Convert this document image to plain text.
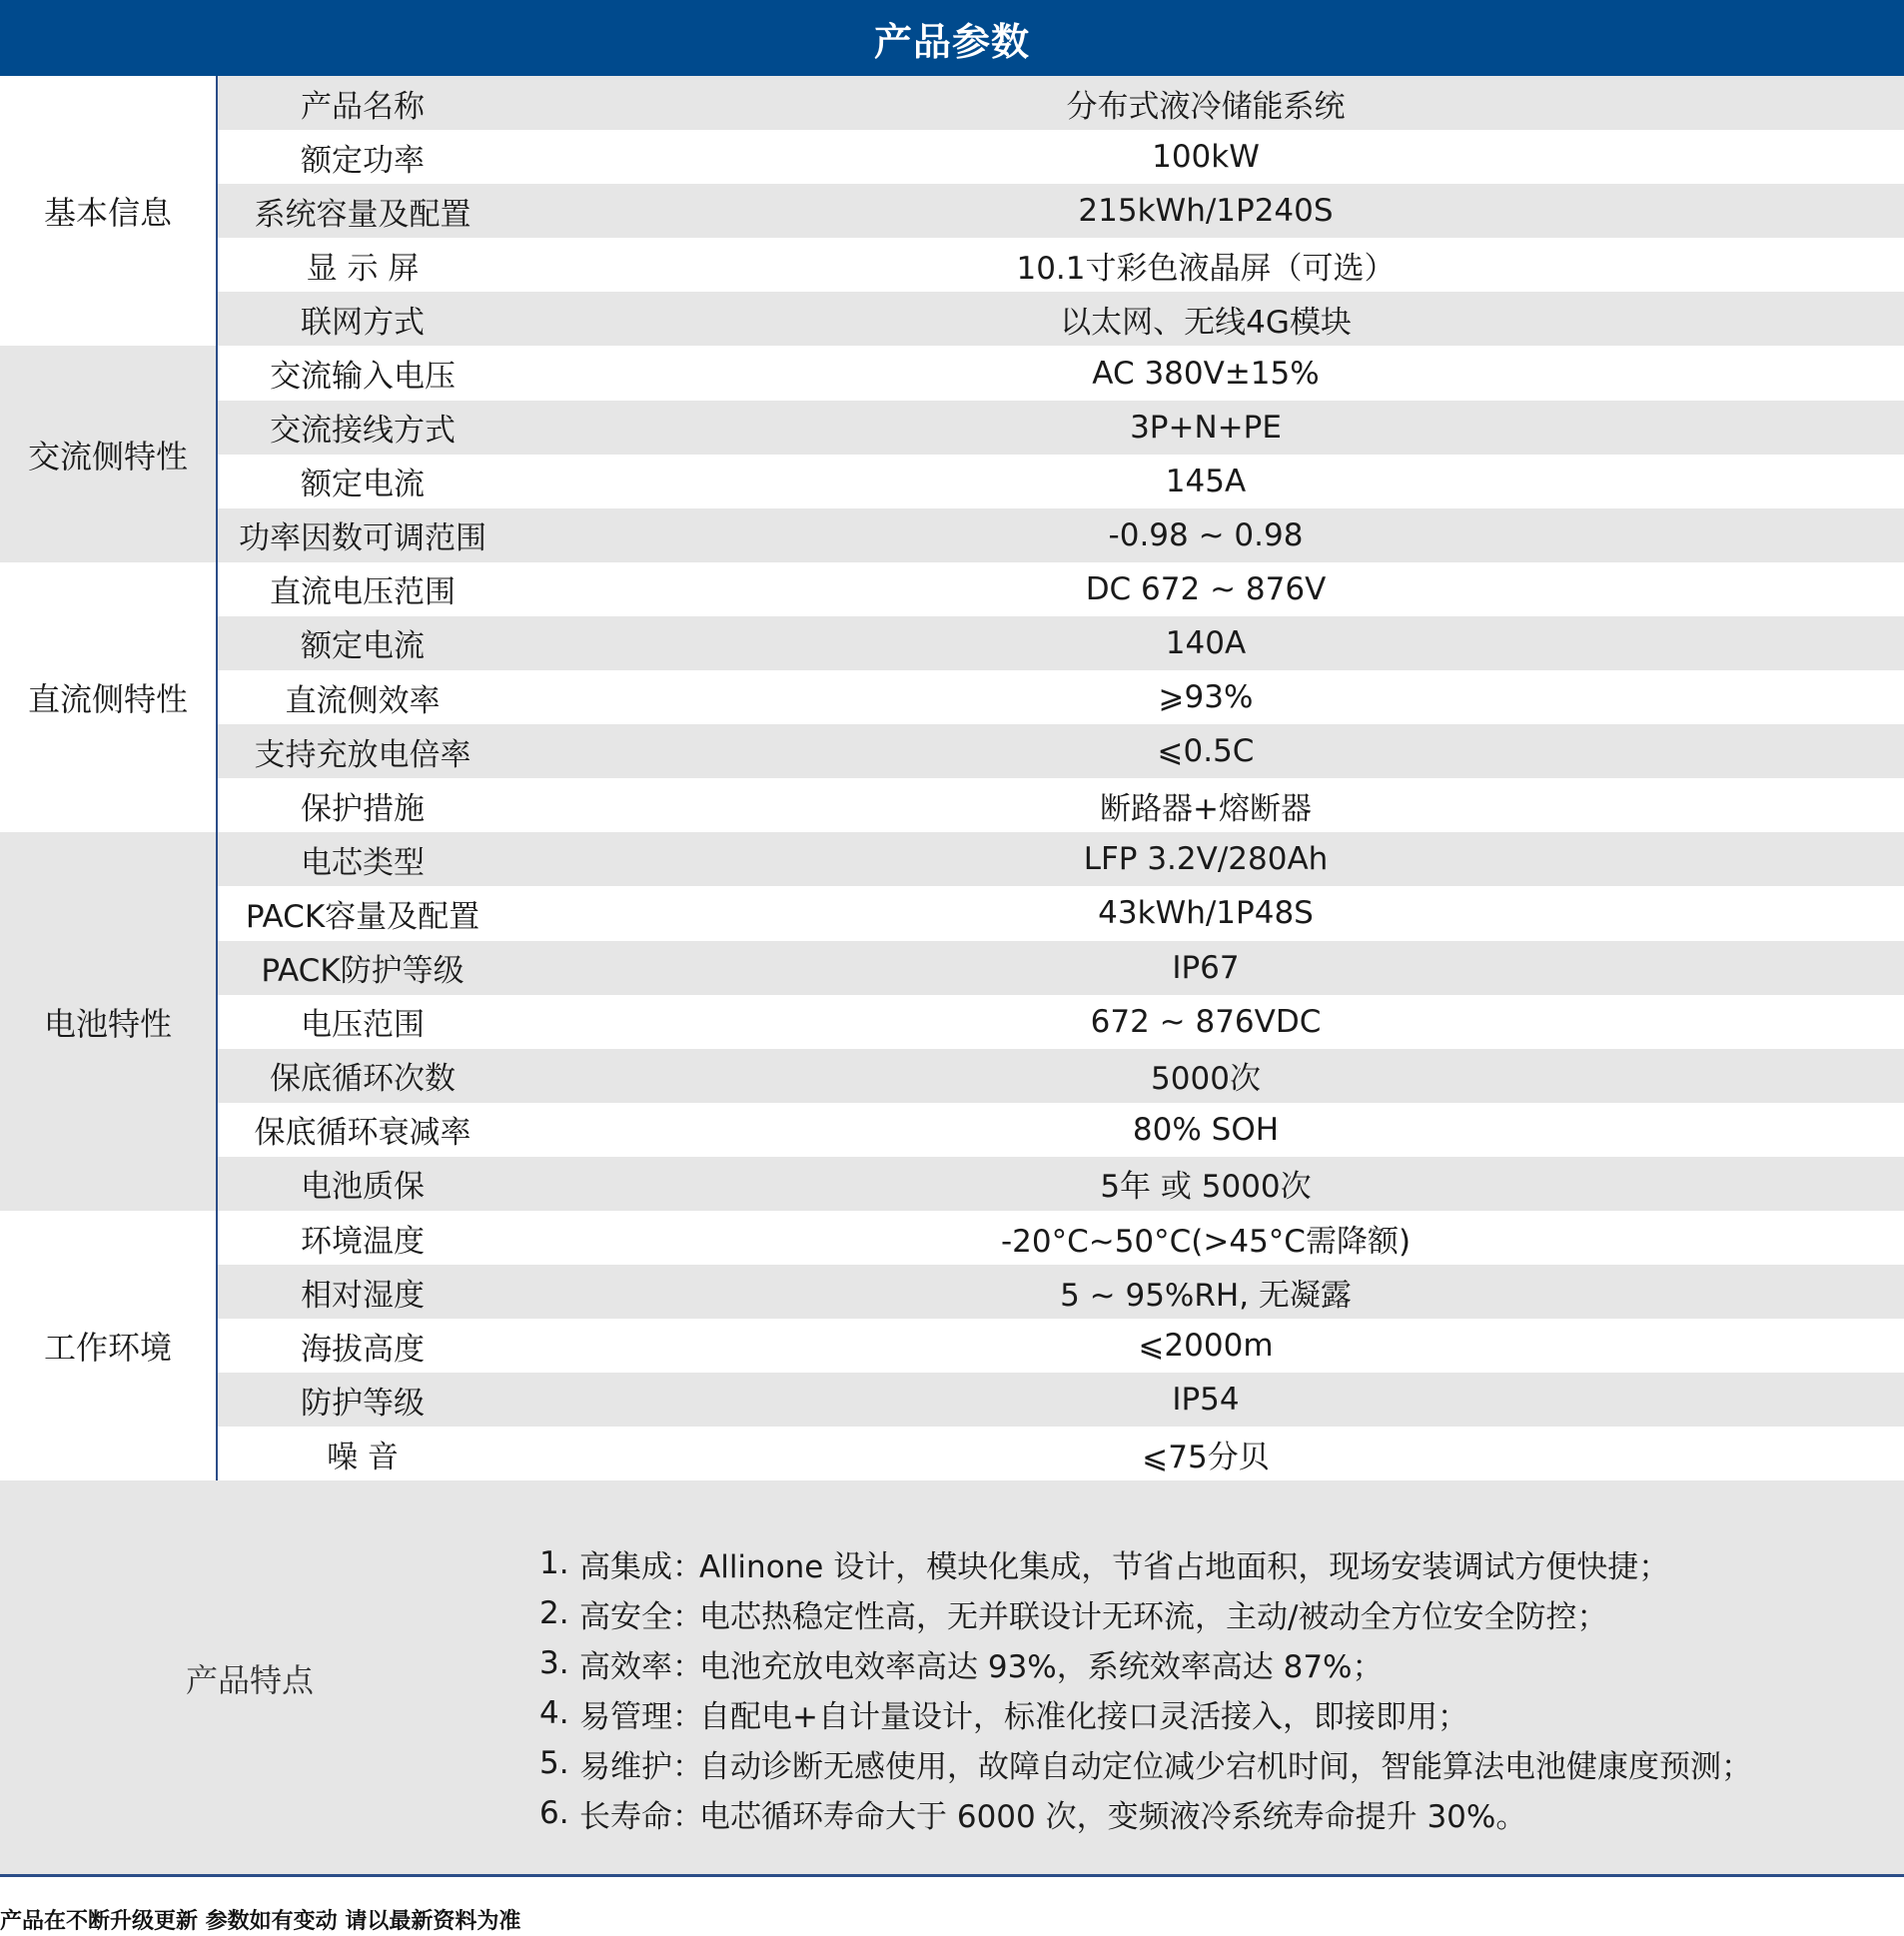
产品参数
基本信息
产品名称	分布式液冷储能系统
额定功率	100kW
系统容量及配置	215kWh/1P240S
显 示 屏	10.1寸彩色液晶屏（可选）
联网方式	以太网、无线4G模块
交流侧特性
交流输入电压	AC 380V±15%
交流接线方式	3P+N+PE
额定电流	145A
功率因数可调范围	-0.98 ~ 0.98
直流侧特性
直流电压范围	DC 672 ~ 876V
额定电流	140A
直流侧效率	⩾93%
支持充放电倍率	⩽0.5C
保护措施	断路器+熔断器
电池特性
电芯类型	LFP 3.2V/280Ah
PACK容量及配置	43kWh/1P48S
PACK防护等级	IP67
电压范围	672 ~ 876VDC
保底循环次数	5000次
保底循环衰减率	80% SOH
电池质保	5年 或 5000次
工作环境
环境温度	-20°C~50°C(>45°C需降额)
相对湿度	5 ~ 95%RH, 无凝露
海拔高度	⩽2000m
防护等级	IP54
噪 音	⩽75分贝
产品特点
1. 高集成：
Allinone 设计，模块化集成，节省占地面积，现场安装调试方便快捷；
2. 高安全：
电芯热稳定性高，无并联设计无环流，主动/被动全方位安全防控；
3. 高效率：
电池充放电效率高达 93%，系统效率高达 87%；
4. 易管理：
自配电+自计量设计，标准化接口灵活接入，即接即用；
5. 易维护：
自动诊断无感使用，故障自动定位减少宕机时间，智能算法电池健康度预测；
6. 长寿命：
电芯循环寿命大于 6000 次，变频液冷系统寿命提升 30%。
产品在不断升级更新 参数如有变动 请以最新资料为准
